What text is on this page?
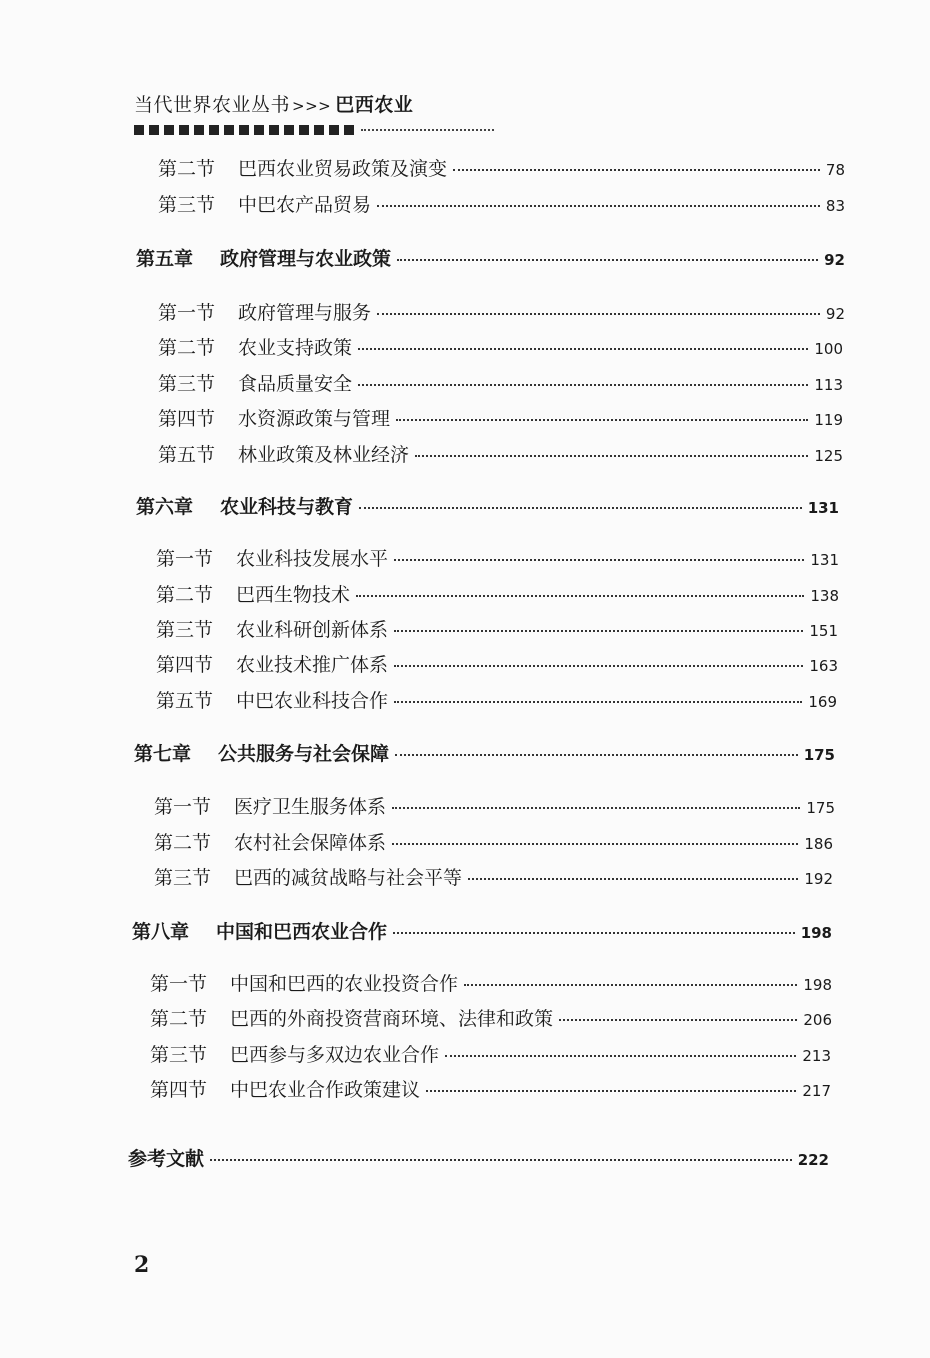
当代世界农业丛书 >>> 巴西农业
第二节	巴西农业贸易政策及演变	78
第三节	中巴农产品贸易	83
第五章	政府管理与农业政策	92
第一节	政府管理与服务	92
第二节	农业支持政策	100
第三节	食品质量安全	113
第四节	水资源政策与管理	119
第五节	林业政策及林业经济	125
第六章	农业科技与教育	131
第一节	农业科技发展水平	131
第二节	巴西生物技术	138
第三节	农业科研创新体系	151
第四节	农业技术推广体系	163
第五节	中巴农业科技合作	169
第七章	公共服务与社会保障	175
第一节	医疗卫生服务体系	175
第二节	农村社会保障体系	186
第三节	巴西的减贫战略与社会平等	192
第八章	中国和巴西农业合作	198
第一节	中国和巴西的农业投资合作	198
第二节	巴西的外商投资营商环境、法律和政策	206
第三节	巴西参与多双边农业合作	213
第四节	中巴农业合作政策建议	217
参考文献	222
2
